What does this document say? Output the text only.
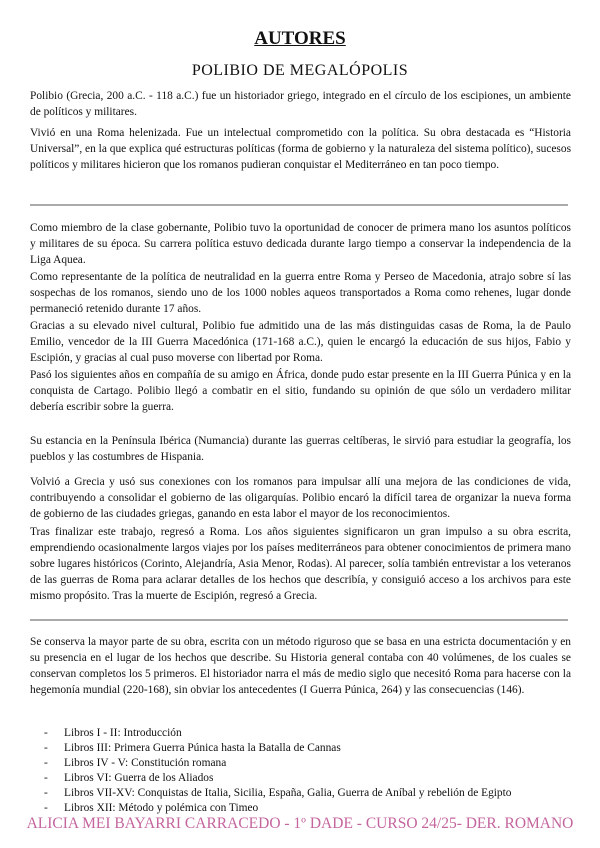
AUTORES
POLIBIO DE MEGALÓPOLIS

Polibio (Grecia, 200 a.C. - 118 a.C.) fue un historiador griego, integrado en el círculo de los escipiones, un ambiente de políticos y militares.

Vivió en una Roma helenizada. Fue un intelectual comprometido con la política. Su obra destacada es “Historia Universal”, en la que explica qué estructuras políticas (forma de gobierno y la naturaleza del sistema político), sucesos políticos y militares hicieron que los romanos pudieran conquistar el Mediterráneo en tan poco tiempo.

Como miembro de la clase gobernante, Polibio tuvo la oportunidad de conocer de primera mano los asuntos políticos y militares de su época. Su carrera política estuvo dedicada durante largo tiempo a conservar la independencia de la Liga Aquea.

Como representante de la política de neutralidad en la guerra entre Roma y Perseo de Macedonia, atrajo sobre sí las sospechas de los romanos, siendo uno de los 1000 nobles aqueos transportados a Roma como rehenes, lugar donde permaneció retenido durante 17 años.

Gracias a su elevado nivel cultural, Polibio fue admitido una de las más distinguidas casas de Roma, la de Paulo Emilio, vencedor de la III Guerra Macedónica (171-168 a.C.), quien le encargó la educación de sus hijos, Fabio y Escipión, y gracias al cual puso moverse con libertad por Roma.

Pasó los siguientes años en compañía de su amigo en África, donde pudo estar presente en la III Guerra Púnica y en la conquista de Cartago. Polibio llegó a combatir en el sitio, fundando su opinión de que sólo un verdadero militar debería escribir sobre la guerra.

Su estancia en la Península Ibérica (Numancia) durante las guerras celtíberas, le sirvió para estudiar la geografía, los pueblos y las costumbres de Hispania.

Volvió a Grecia y usó sus conexiones con los romanos para impulsar allí una mejora de las condiciones de vida, contribuyendo a consolidar el gobierno de las oligarquías. Polibio encaró la difícil tarea de organizar la nueva forma de gobierno de las ciudades griegas, ganando en esta labor el mayor de los reconocimientos.

Tras finalizar este trabajo, regresó a Roma. Los años siguientes significaron un gran impulso a su obra escrita, emprendiendo ocasionalmente largos viajes por los países mediterráneos para obtener conocimientos de primera mano sobre lugares históricos (Corinto, Alejandría, Asia Menor, Rodas). Al parecer, solía también entrevistar a los veteranos de las guerras de Roma para aclarar detalles de los hechos que describía, y consiguió acceso a los archivos para este mismo propósito. Tras la muerte de Escipión, regresó a Grecia.

Se conserva la mayor parte de su obra, escrita con un método riguroso que se basa en una estricta documentación y en su presencia en el lugar de los hechos que describe. Su Historia general contaba con 40 volúmenes, de los cuales se conservan completos los 5 primeros. El historiador narra el más de medio siglo que necesitó Roma para hacerse con la hegemonía mundial (220-168), sin obviar los antecedentes (I Guerra Púnica, 264) y las consecuencias (146).

-	Libros I - II: Introducción
-	Libros III: Primera Guerra Púnica hasta la Batalla de Cannas
-	Libros IV - V: Constitución romana
-	Libros VI: Guerra de los Aliados
-	Libros VII-XV: Conquistas de Italia, Sicilia, España, Galia, Guerra de Aníbal y rebelión de Egipto
-	Libros XII: Método y polémica con Timeo
ALICIA MEI BAYARRI CARRACEDO - 1º DADE - CURSO 24/25- DER. ROMANO
